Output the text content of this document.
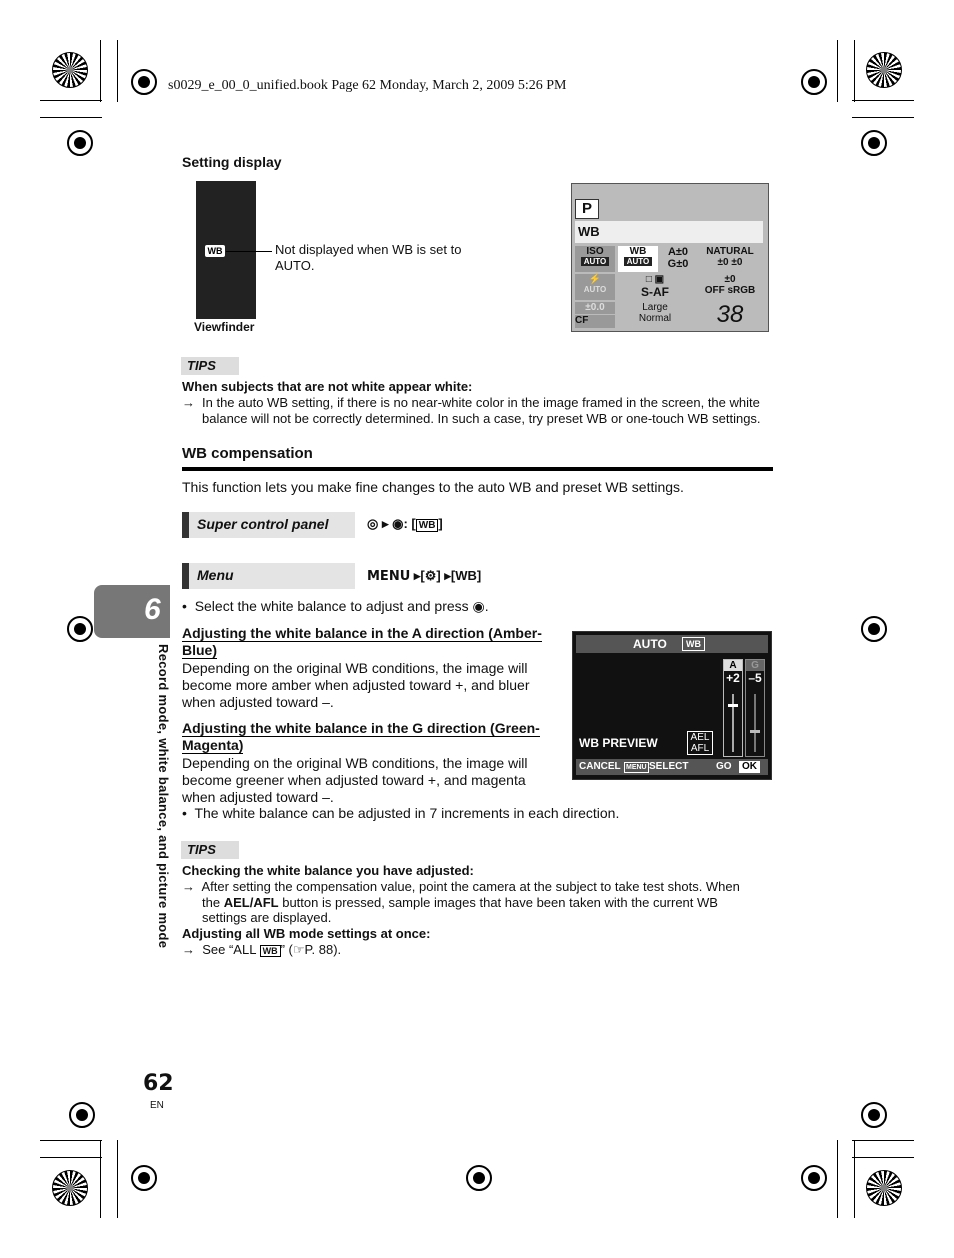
s0029_e_00_0_unified.book Page 62 Monday, March 2, 2009 5:26 PM
Setting display
WB	Not displayed when WB is set to AUTO.
Viewfinder
P
WB
ISO
AUTO
WB
AUTO
A±0
G±0
NATURAL
±0 ±0
⚡
AUTO
□ ▣
S-AF
±0
OFF sRGB
±0.0	Large
Normal
CF	38
TIPS
When subjects that are not white appear white:
→ In the auto WB setting, if there is no near-white color in the image framed in the screen, the white
balance will not be correctly determined. In such a case, try preset WB or one-touch WB settings.
WB compensation
This function lets you make fine changes to the auto WB and preset WB settings.
Super control panel	◎ ▸ ◉: [ WB ]
Menu	MENU ▸[⚙] ▸[WB]
•  Select the white balance to adjust and press ◉.
Adjusting the white balance in the A direction (Amber-
Blue)
Depending on the original WB conditions, the image will
become more amber when adjusted toward +, and bluer
when adjusted toward –.
Adjusting the white balance in the G direction (Green-
Magenta)
Depending on the original WB conditions, the image will
become greener when adjusted toward +, and magenta
when adjusted toward –.
•  The white balance can be adjusted in 7 increments in each direction.
AUTO	WB
A
+2
G
–5
WB PREVIEW	AEL
AFL
CANCEL MENU SELECT	GO	OK
TIPS
Checking the white balance you have adjusted:
→ After setting the compensation value, point the camera at the subject to take test shots. When
the AEL/AFL button is pressed, sample images that have been taken with the current WB
settings are displayed.
Adjusting all WB mode settings at once:
→ See “ALL WB ” (☞P. 88).
6
Record mode, white balance, and picture mode
62
EN
